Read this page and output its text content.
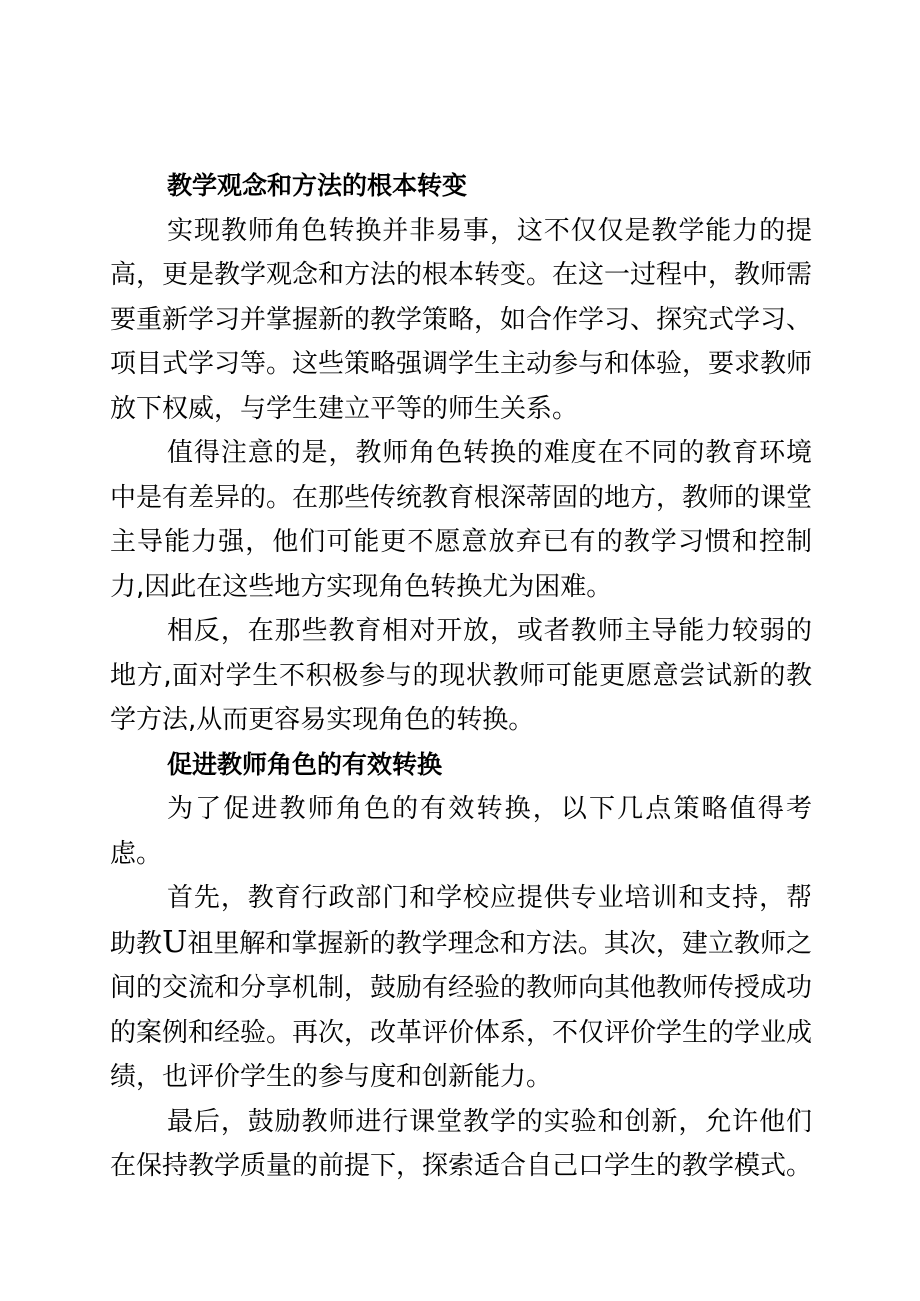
教学观念和方法的根本转变

实现教师角色转换并非易事，这不仅仅是教学能力的提高，更是教学观念和方法的根本转变。在这一过程中，教师需要重新学习并掌握新的教学策略，如合作学习、探究式学习、项目式学习等。这些策略强调学生主动参与和体验，要求教师放下权威，与学生建立平等的师生关系。

值得注意的是，教师角色转换的难度在不同的教育环境中是有差异的。在那些传统教育根深蒂固的地方，教师的课堂主导能力强，他们可能更不愿意放弃已有的教学习惯和控制力,因此在这些地方实现角色转换尤为困难。

相反，在那些教育相对开放，或者教师主导能力较弱的地方,面对学生不积极参与的现状教师可能更愿意尝试新的教学方法,从而更容易实现角色的转换。

促进教师角色的有效转换

为了促进教师角色的有效转换，以下几点策略值得考虑。

首先，教育行政部门和学校应提供专业培训和支持，帮助教U祖里解和掌握新的教学理念和方法。其次，建立教师之间的交流和分享机制，鼓励有经验的教师向其他教师传授成功的案例和经验。再次，改革评价体系，不仅评价学生的学业成绩，也评价学生的参与度和创新能力。

最后，鼓励教师进行课堂教学的实验和创新，允许他们在保持教学质量的前提下，探索适合自己口学生的教学模式。
